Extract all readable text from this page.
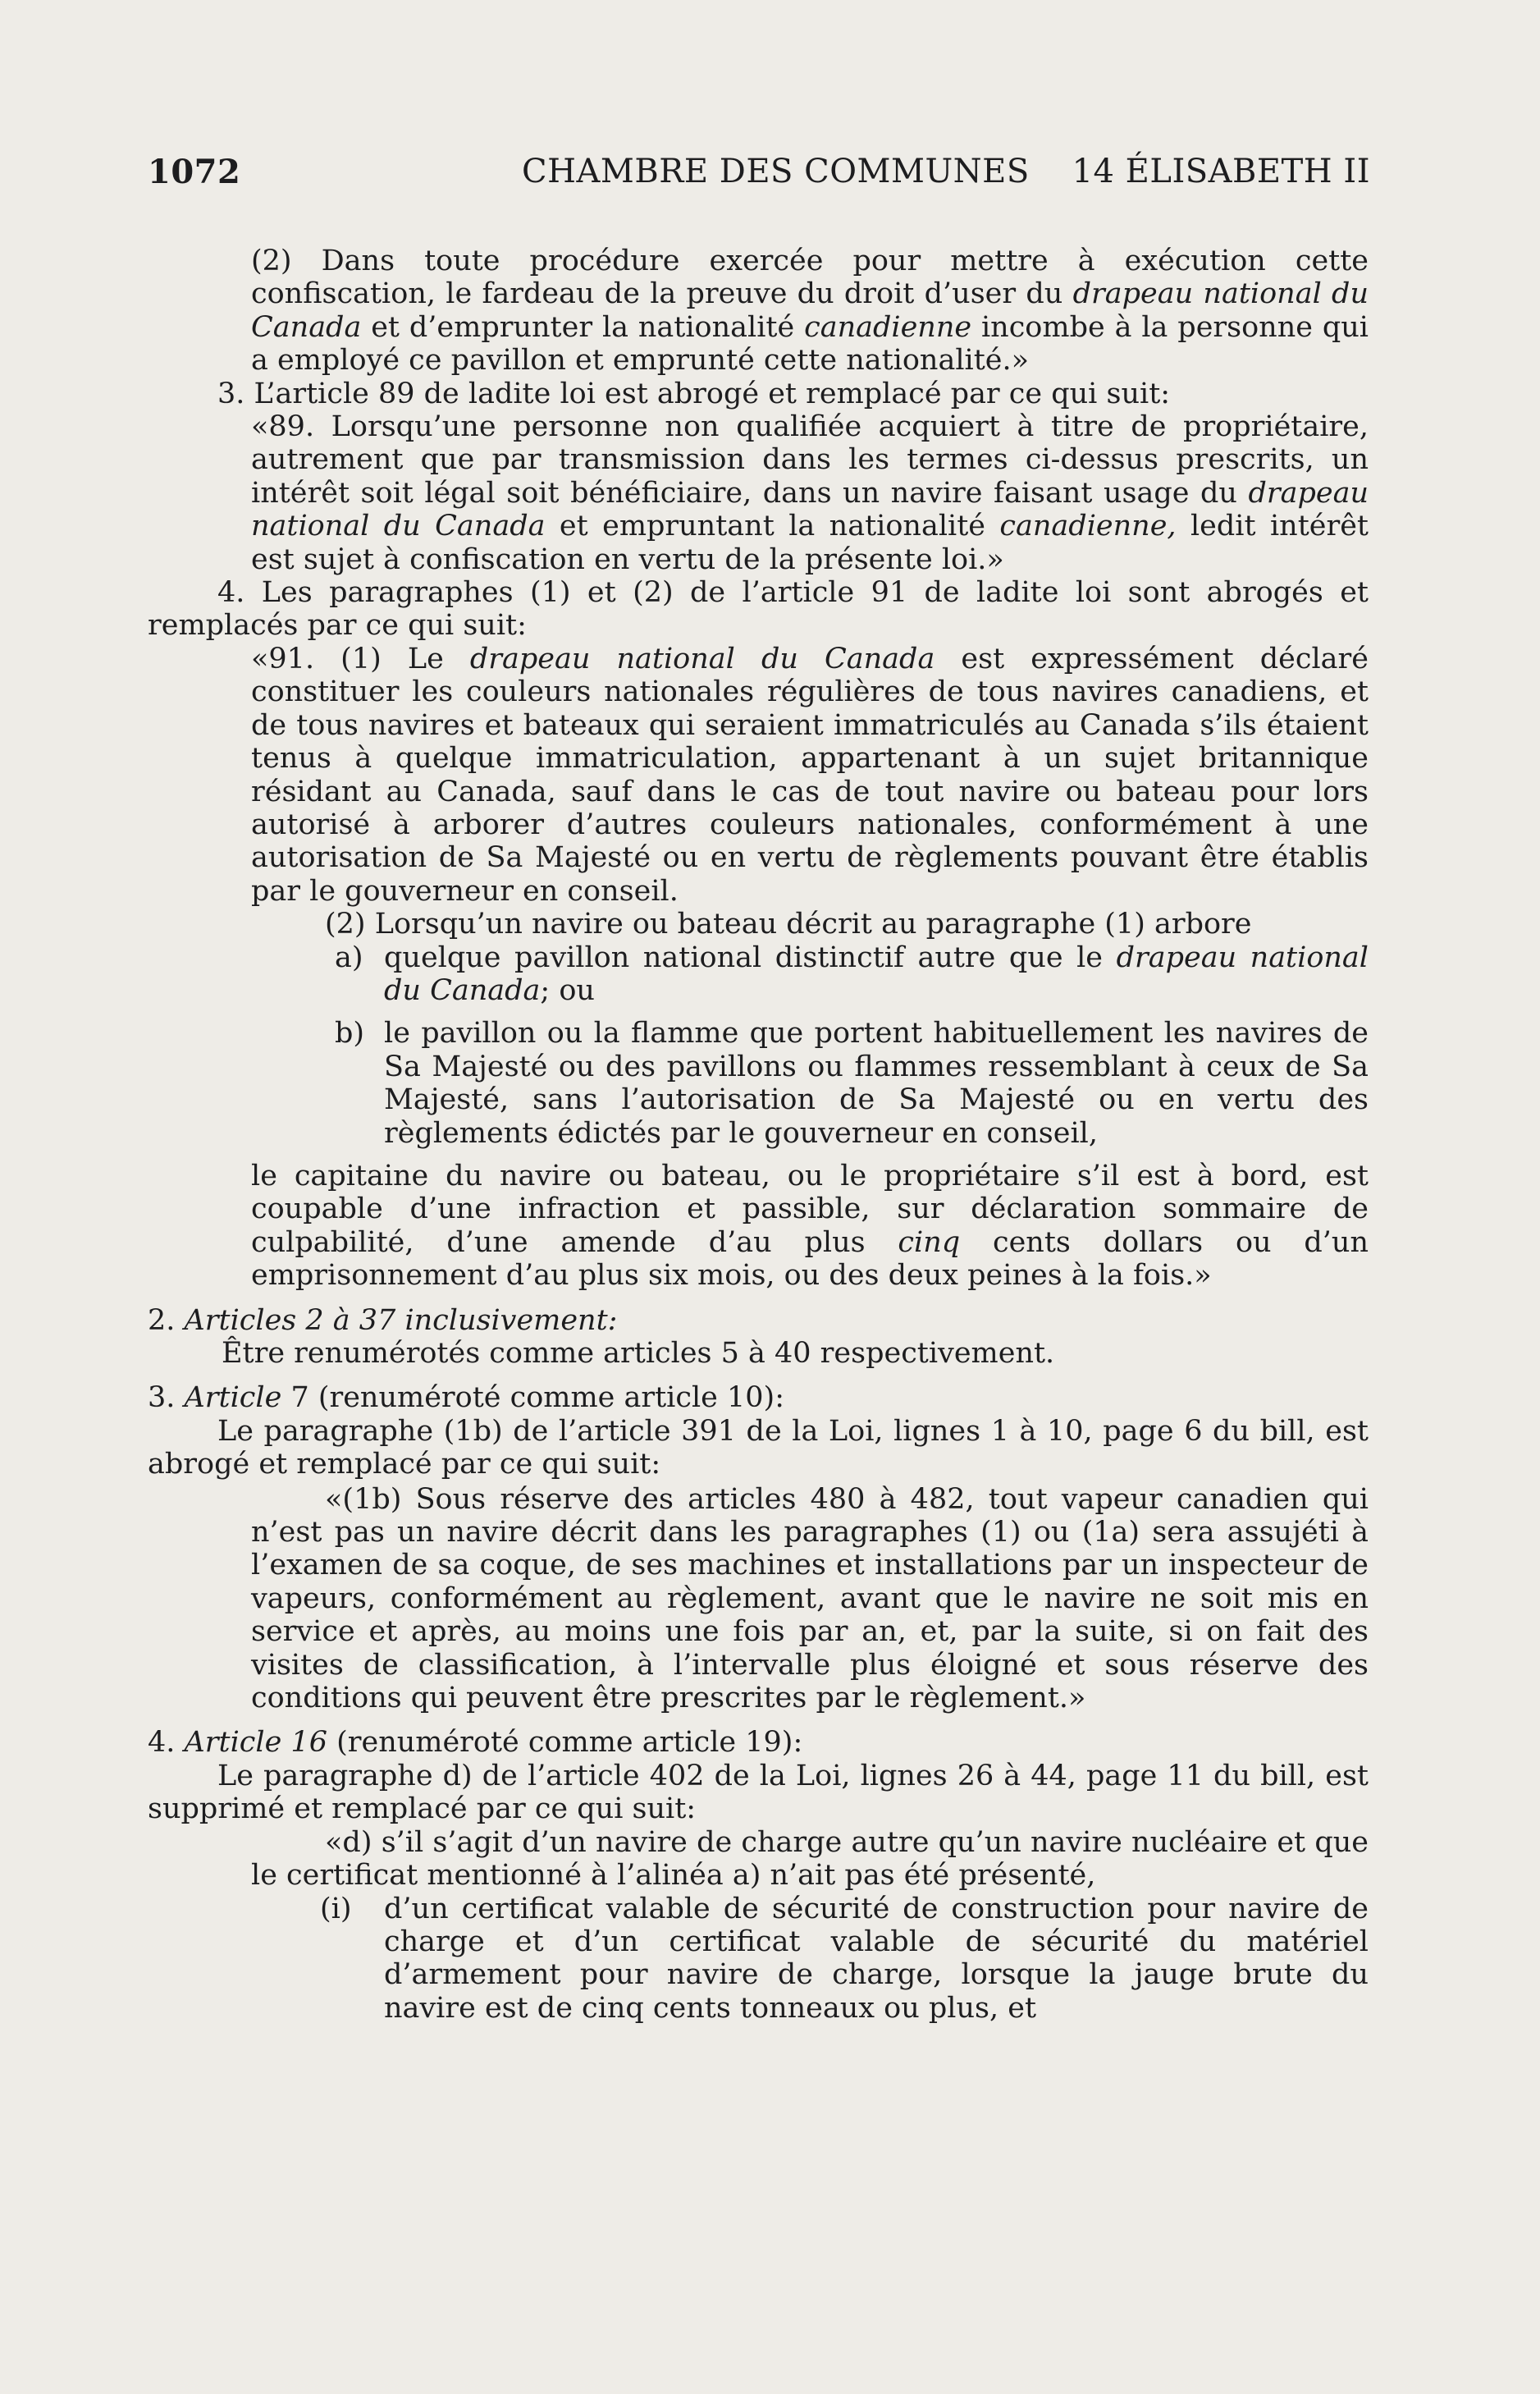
1072	CHAMBRE DES COMMUNES 14 ÉLISABETH II

(2) Dans toute procédure exercée pour mettre à exécution cette confiscation, le fardeau de la preuve du droit d’user du drapeau national du Canada et d’emprunter la nationalité canadienne incombe à la personne qui a employé ce pavillon et emprunté cette nationalité.»

3. L’article 89 de ladite loi est abrogé et remplacé par ce qui suit:

«89. Lorsqu’une personne non qualifiée acquiert à titre de propriétaire, autrement que par transmission dans les termes ci-dessus prescrits, un intérêt soit légal soit bénéficiaire, dans un navire faisant usage du drapeau national du Canada et empruntant la nationalité canadienne, ledit intérêt est sujet à confiscation en vertu de la présente loi.»

4. Les paragraphes (1) et (2) de l’article 91 de ladite loi sont abrogés et remplacés par ce qui suit:

«91. (1) Le drapeau national du Canada est expressément déclaré constituer les couleurs nationales régulières de tous navires canadiens, et de tous navires et bateaux qui seraient immatriculés au Canada s’ils étaient tenus à quelque immatriculation, appartenant à un sujet britannique résidant au Canada, sauf dans le cas de tout navire ou bateau pour lors autorisé à arborer d’autres couleurs nationales, conformément à une autorisation de Sa Majesté ou en vertu de règlements pouvant être établis par le gouverneur en conseil.

(2) Lorsqu’un navire ou bateau décrit au paragraphe (1) arbore

a) quelque pavillon national distinctif autre que le drapeau national du Canada; ou

b) le pavillon ou la flamme que portent habituellement les navires de Sa Majesté ou des pavillons ou flammes ressemblant à ceux de Sa Majesté, sans l’autorisation de Sa Majesté ou en vertu des règlements édictés par le gouverneur en conseil,

le capitaine du navire ou bateau, ou le propriétaire s’il est à bord, est coupable d’une infraction et passible, sur déclaration sommaire de culpabilité, d’une amende d’au plus cinq cents dollars ou d’un emprisonnement d’au plus six mois, ou des deux peines à la fois.»

2. Articles 2 à 37 inclusivement:

Être renumérotés comme articles 5 à 40 respectivement.

3. Article 7 (renuméroté comme article 10):

Le paragraphe (1b) de l’article 391 de la Loi, lignes 1 à 10, page 6 du bill, est abrogé et remplacé par ce qui suit:

«(1b) Sous réserve des articles 480 à 482, tout vapeur canadien qui n’est pas un navire décrit dans les paragraphes (1) ou (1a) sera assujéti à l’examen de sa coque, de ses machines et installations par un inspecteur de vapeurs, conformément au règlement, avant que le navire ne soit mis en service et après, au moins une fois par an, et, par la suite, si on fait des visites de classification, à l’intervalle plus éloigné et sous réserve des conditions qui peuvent être prescrites par le règlement.»

4. Article 16 (renuméroté comme article 19):

Le paragraphe d) de l’article 402 de la Loi, lignes 26 à 44, page 11 du bill, est supprimé et remplacé par ce qui suit:

«d) s’il s’agit d’un navire de charge autre qu’un navire nucléaire et que le certificat mentionné à l’alinéa a) n’ait pas été présenté,

(i) d’un certificat valable de sécurité de construction pour navire de charge et d’un certificat valable de sécurité du matériel d’armement pour navire de charge, lorsque la jauge brute du navire est de cinq cents tonneaux ou plus, et
